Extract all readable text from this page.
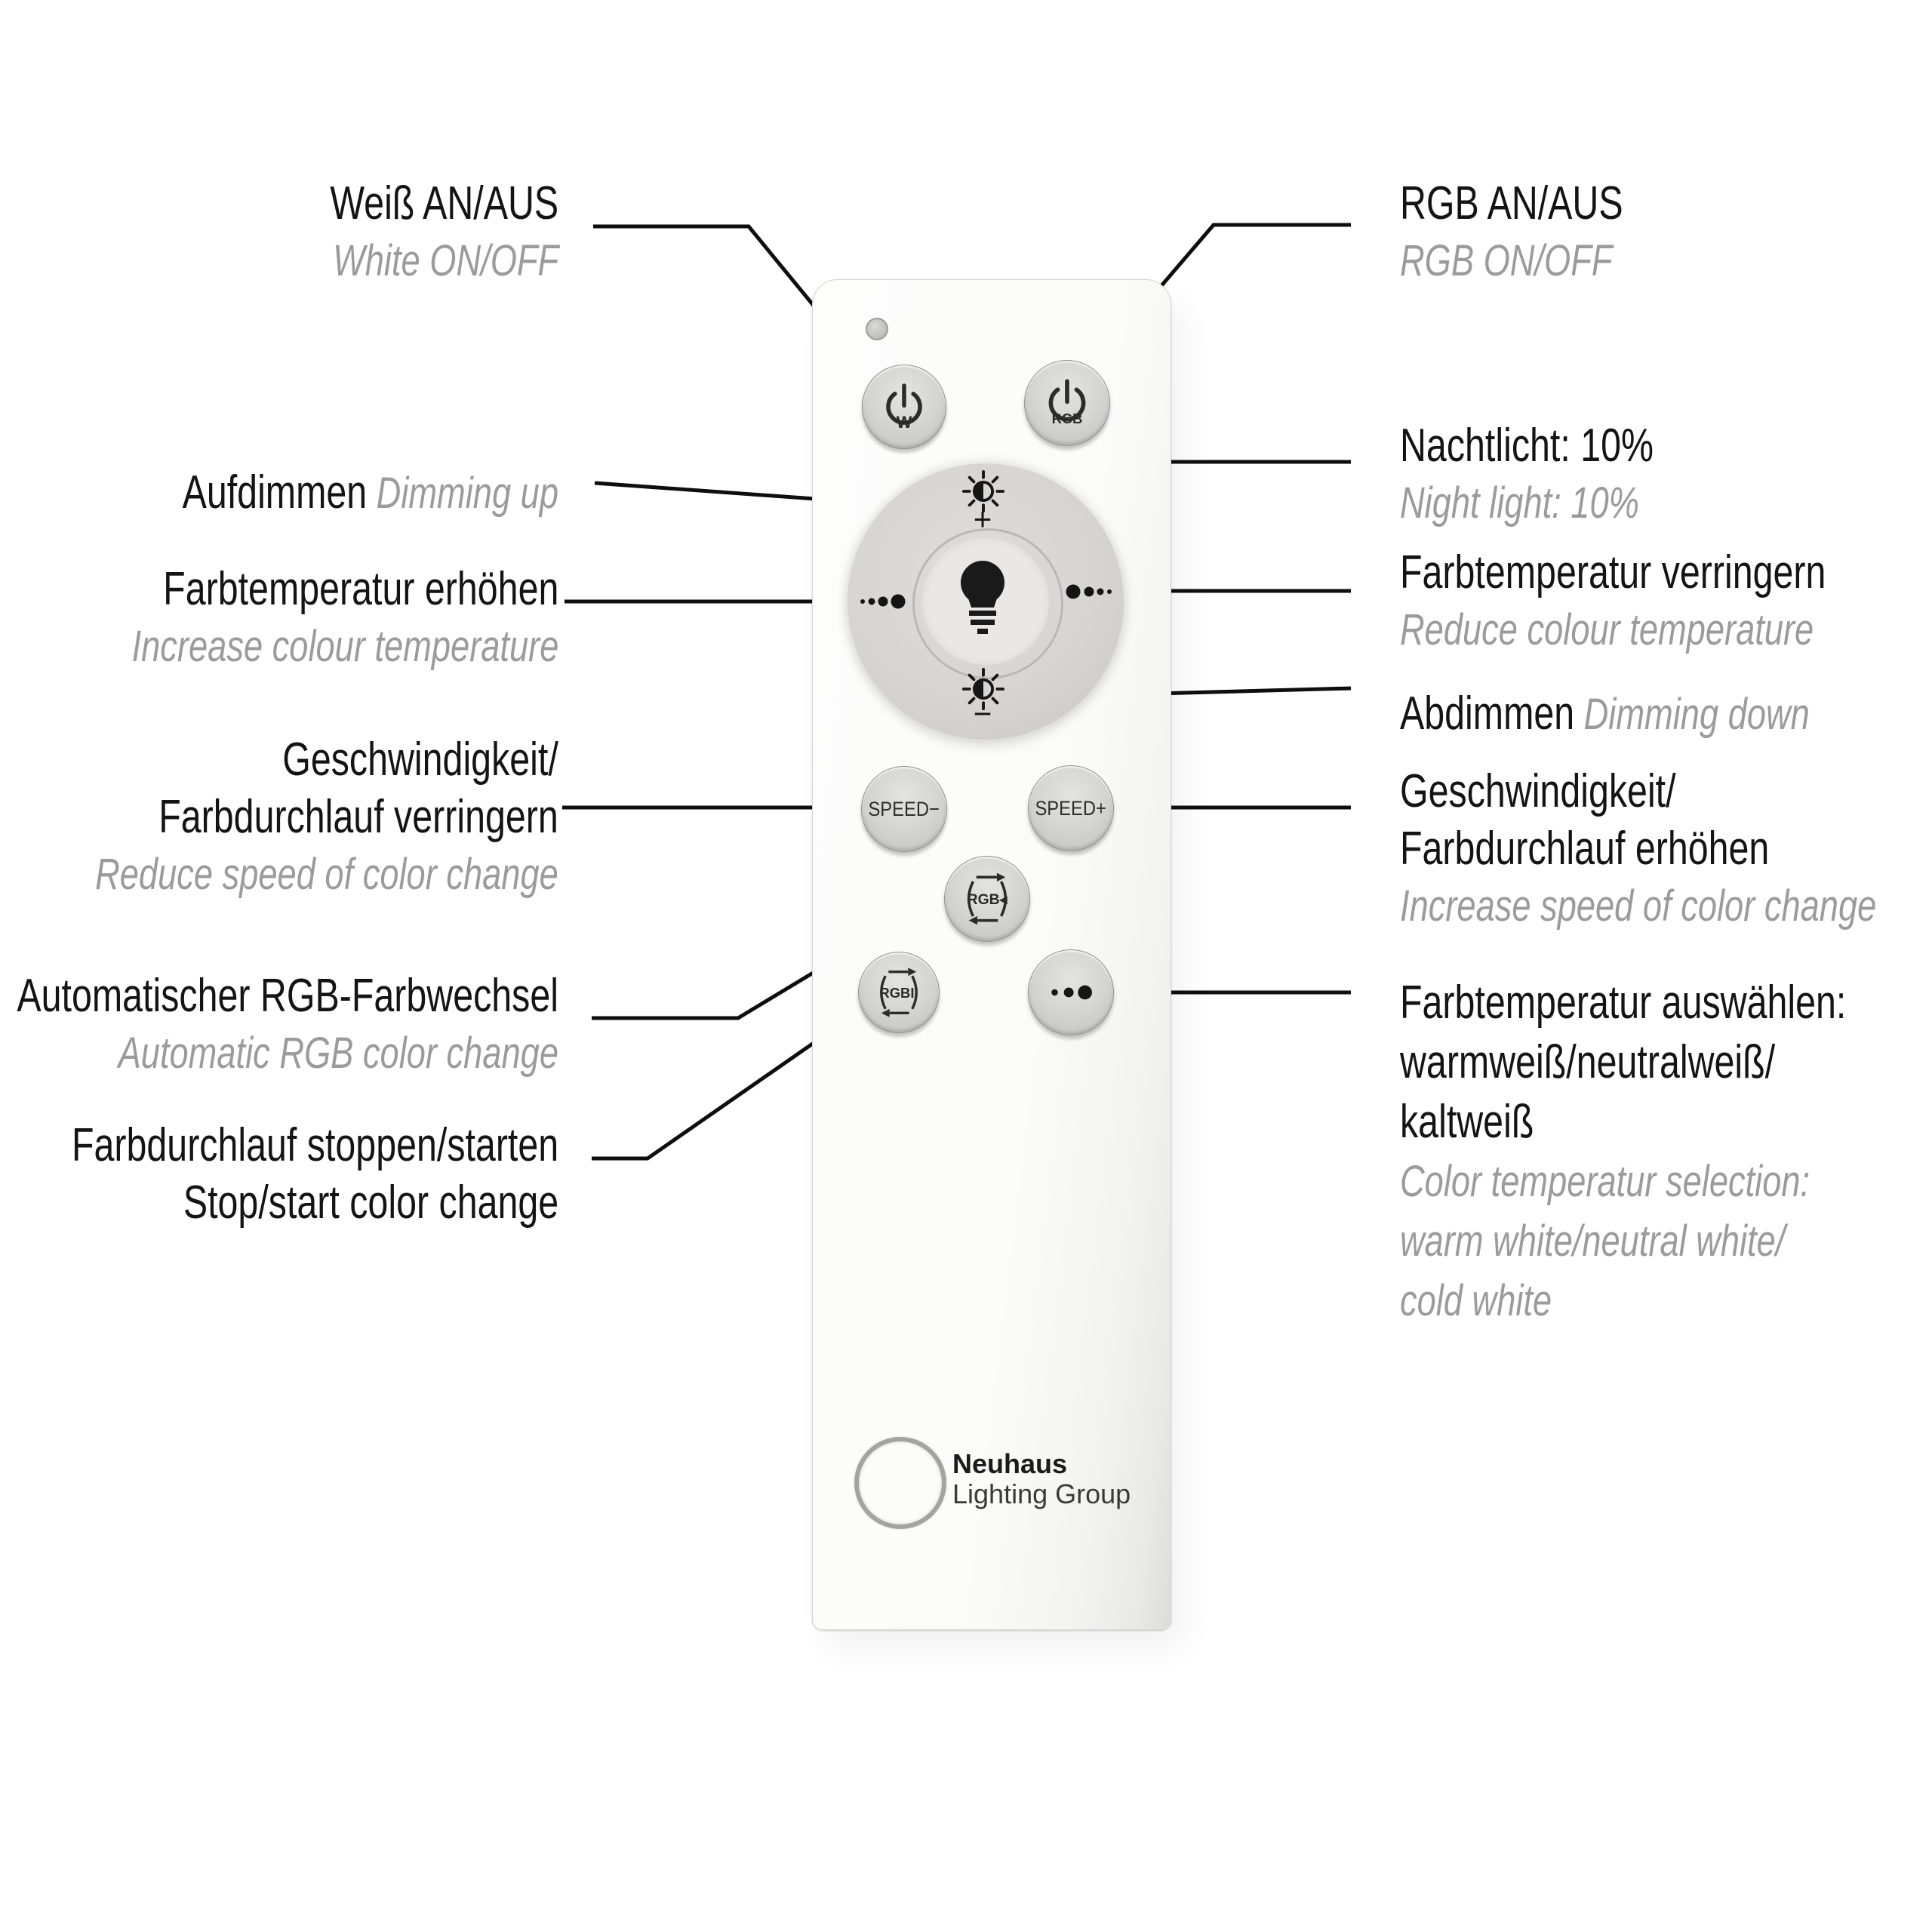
Weiß AN/AUS
White ON/OFF
Aufdimmen Dimming up
Farbtemperatur erhöhen
Increase colour temperature
Geschwindigkeit/
Farbdurchlauf verringern
Reduce speed of color change
Automatischer RGB-Farbwechsel
Automatic RGB color change
Farbdurchlauf stoppen/starten
Stop/start color change
RGB AN/AUS
RGB ON/OFF
Nachtlicht: 10%
Night light: 10%
Farbtemperatur verringern
Reduce colour temperature
Abdimmen Dimming down
Geschwindigkeit/
Farbdurchlauf erhöhen
Increase speed of color change
Farbtemperatur auswählen:
warmweiß/neutralweiß/
kaltweiß
Color temperatur selection:
warm white/neutral white/
cold white
W	RGB
+
−
SPEED−	SPEED+
RGB◂
RGBII
Neuhaus
Lighting Group
